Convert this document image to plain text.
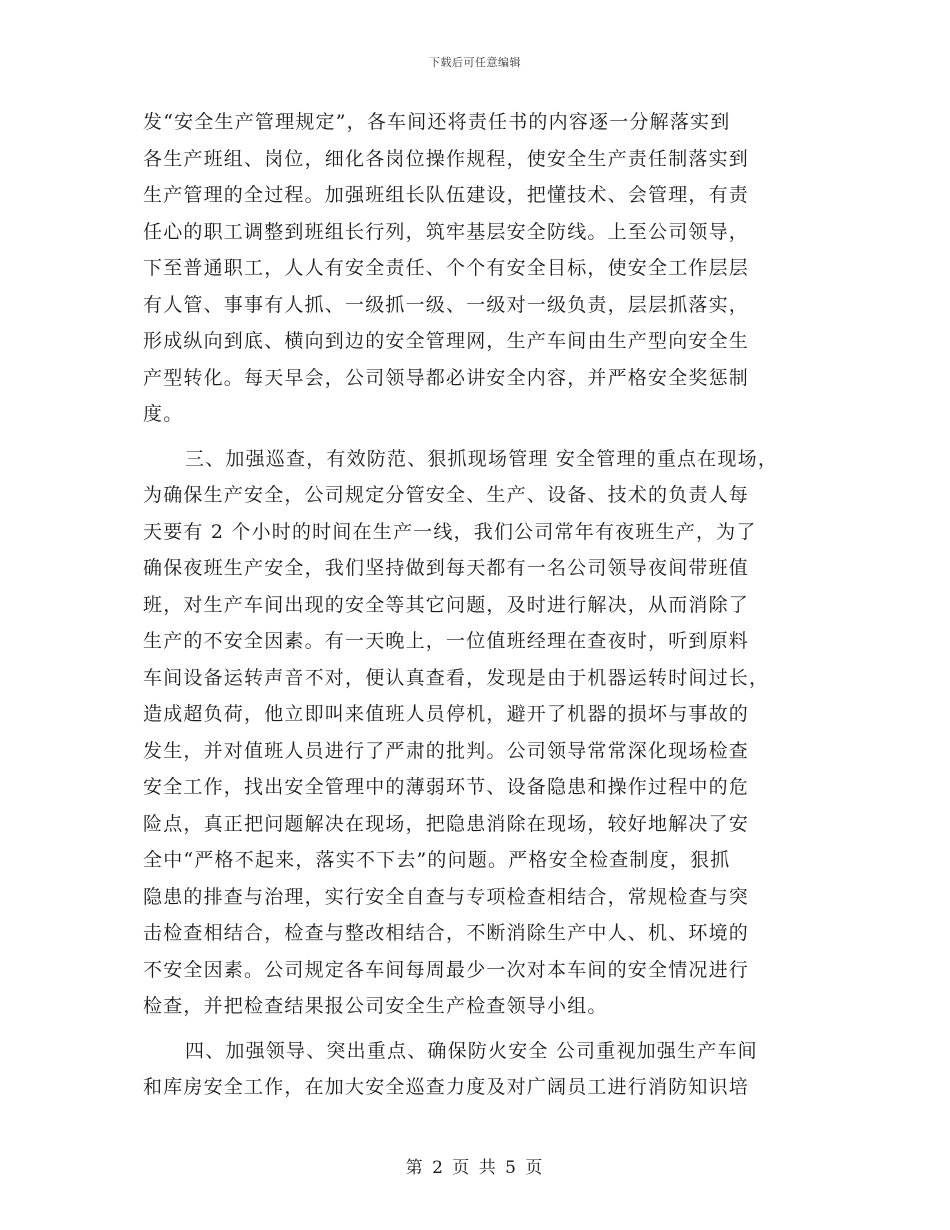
下载后可任意编辑
发“安全生产管理规定”，各车间还将责任书的内容逐一分解落实到
各生产班组、岗位，细化各岗位操作规程，使安全生产责任制落实到
生产管理的全过程。加强班组长队伍建设，把懂技术、会管理，有责
任心的职工调整到班组长行列，筑牢基层安全防线。上至公司领导，
下至普通职工，人人有安全责任、个个有安全目标，使安全工作层层
有人管、事事有人抓、一级抓一级、一级对一级负责，层层抓落实，
形成纵向到底、横向到边的安全管理网，生产车间由生产型向安全生
产型转化。每天早会，公司领导都必讲安全内容，并严格安全奖惩制
度。
三、加强巡查，有效防范、狠抓现场管理 安全管理的重点在现场，
为确保生产安全，公司规定分管安全、生产、设备、技术的负责人每
天要有 2 个小时的时间在生产一线，我们公司常年有夜班生产，为了
确保夜班生产安全，我们坚持做到每天都有一名公司领导夜间带班值
班，对生产车间出现的安全等其它问题，及时进行解决，从而消除了
生产的不安全因素。有一天晚上，一位值班经理在查夜时，听到原料
车间设备运转声音不对，便认真查看，发现是由于机器运转时间过长，
造成超负荷，他立即叫来值班人员停机，避开了机器的损坏与事故的
发生，并对值班人员进行了严肃的批判。公司领导常常深化现场检查
安全工作，找出安全管理中的薄弱环节、设备隐患和操作过程中的危
险点，真正把问题解决在现场，把隐患消除在现场，较好地解决了安
全中“严格不起来，落实不下去”的问题。严格安全检查制度，狠抓
隐患的排查与治理，实行安全自查与专项检查相结合，常规检查与突
击检查相结合，检查与整改相结合，不断消除生产中人、机、环境的
不安全因素。公司规定各车间每周最少一次对本车间的安全情况进行
检查，并把检查结果报公司安全生产检查领导小组。
四、加强领导、突出重点、确保防火安全 公司重视加强生产车间
和库房安全工作，在加大安全巡查力度及对广阔员工进行消防知识培
第 2 页 共 5 页
